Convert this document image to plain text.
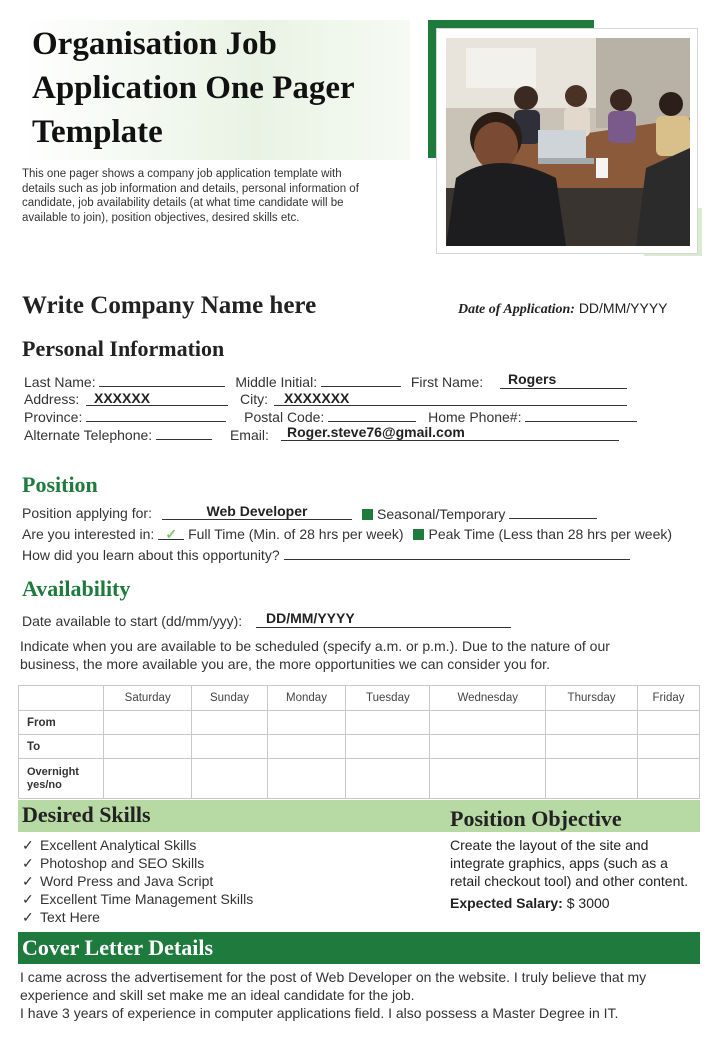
Organisation Job
Application One Pager
Template
This one pager shows a company job application template with details such as job information and details, personal information of candidate, job availability details (at what time candidate will be available to join), position objectives, desired skills etc.
Write Company Name here	Date of Application: DD/MM/YYYY
Personal Information
Last Name:	Middle Initial:	First Name:	Rogers
Address:	XXXXXX	City:	XXXXXXX
Province:	Postal Code:	Home Phone#:
Alternate Telephone:	Email:	Roger.steve76@gmail.com
Position
Position applying for:	Web Developer	Seasonal/Temporary
Are you interested in: ✓ Full Time (Min. of 28 hrs per week) Peak Time (Less than 28 hrs per week)
How did you learn about this opportunity?
Availability
Date available to start (dd/mm/yyy):	DD/MM/YYYY
Indicate when you are available to be scheduled (specify a.m. or p.m.). Due to the nature of our
business, the more available you are, the more opportunities we can consider you for.
	Saturday	Sunday	Monday	Tuesday	Wednesday	Thursday	Friday
From							
To							
Overnight yes/no							
Desired Skills	Position Objective
✓ Excellent Analytical Skills
✓ Photoshop and SEO Skills
✓ Word Press and Java Script
✓ Excellent Time Management Skills
✓ Text Here
Create the layout of the site and integrate graphics, apps (such as a retail checkout tool) and other content.
Expected Salary: $ 3000
Cover Letter Details
I came across the advertisement for the post of Web Developer on the website. I truly believe that my
experience and skill set make me an ideal candidate for the job.
I have 3 years of experience in computer applications field. I also possess a Master Degree in IT.
